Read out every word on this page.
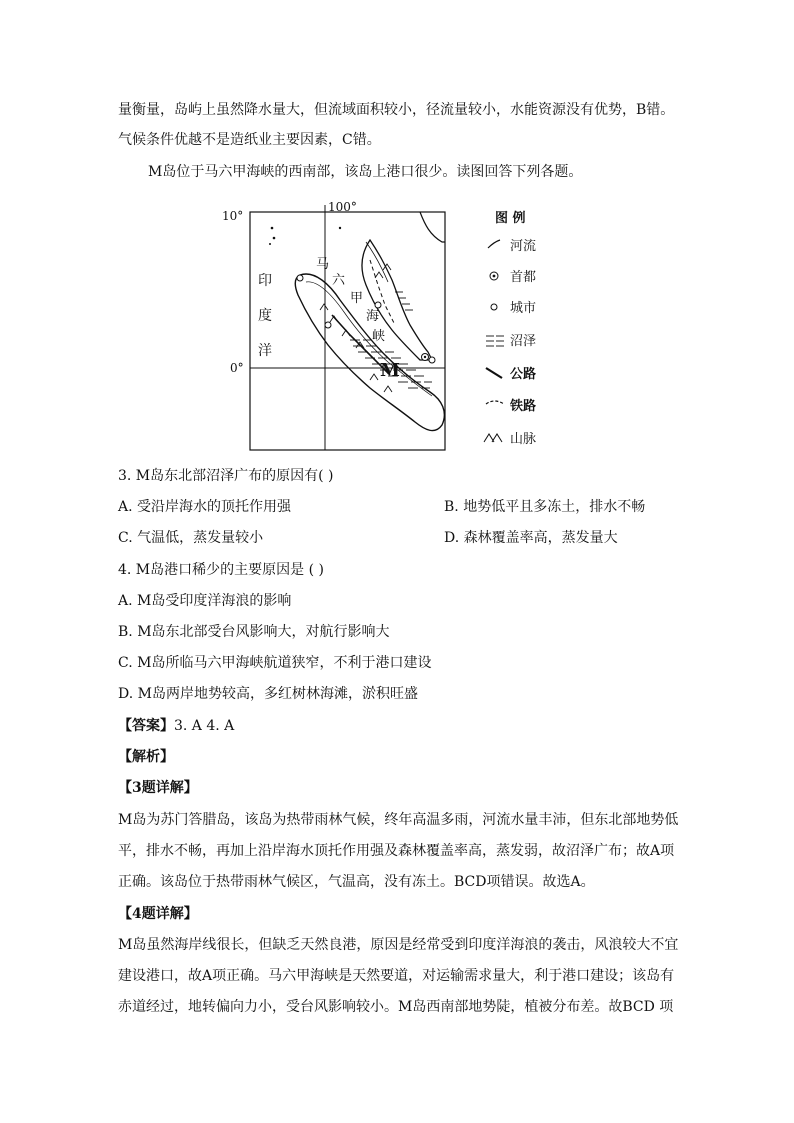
量衡量，岛屿上虽然降水量大，但流域面积较小，径流量较小，水能资源没有优势，B错。
气候条件优越不是造纸业主要因素，C错。
M岛位于马六甲海峡的西南部，该岛上港口很少。读图回答下列各题。
100°
10°
0°
印
度
洋
马
六
甲
海
峡
M
图 例
河流
首都
城市
沼泽
公路
铁路
山脉
3. M岛东北部沼泽广布的原因有( )
A. 受沿岸海水的顶托作用强	B. 地势低平且多冻土，排水不畅
C. 气温低，蒸发量较小	D. 森林覆盖率高，蒸发量大
4. M岛港口稀少的主要原因是 ( )
A. M岛受印度洋海浪的影响
B. M岛东北部受台风影响大，对航行影响大
C. M岛所临马六甲海峡航道狭窄，不利于港口建设
D. M岛两岸地势较高，多红树林海滩，淤积旺盛
【答案】3. A 4. A
【解析】
【3题详解】
M岛为苏门答腊岛，该岛为热带雨林气候，终年高温多雨，河流水量丰沛，但东北部地势低
平，排水不畅，再加上沿岸海水顶托作用强及森林覆盖率高，蒸发弱，故沼泽广布；故A项
正确。该岛位于热带雨林气候区，气温高，没有冻土。BCD项错误。故选A。
【4题详解】
M岛虽然海岸线很长，但缺乏天然良港，原因是经常受到印度洋海浪的袭击，风浪较大不宜
建设港口，故A项正确。马六甲海峡是天然要道，对运输需求量大，利于港口建设；该岛有
赤道经过，地转偏向力小，受台风影响较小。M岛西南部地势陡，植被分布差。故BCD 项
